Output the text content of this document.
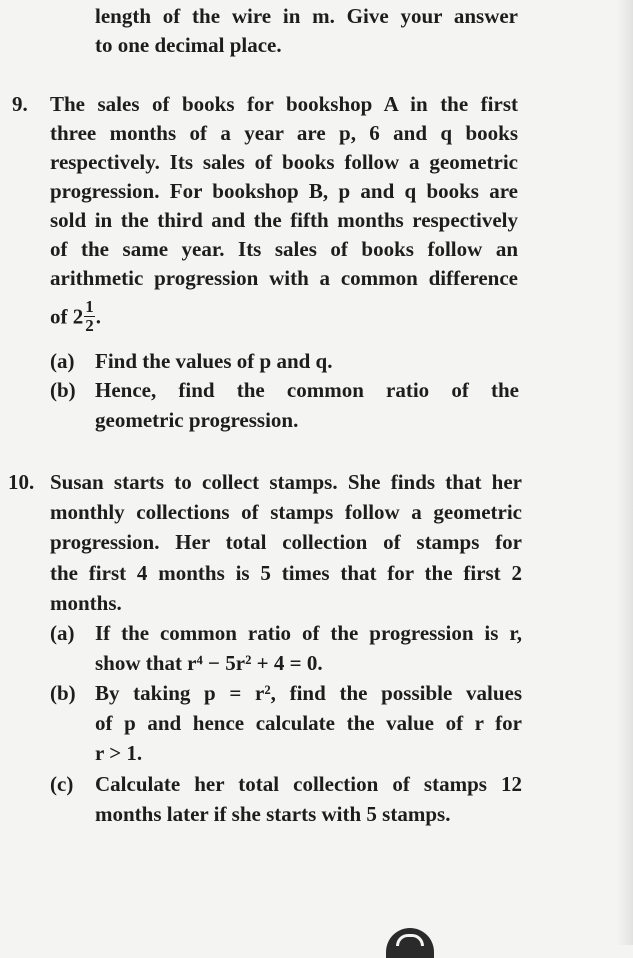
length of the wire in m. Give your answer
to one decimal place.
9. The sales of books for bookshop A in the first
three months of a year are p, 6 and q books
respectively. Its sales of books follow a geometric
progression. For bookshop B, p and q books are
sold in the third and the fifth months respectively
of the same year. Its sales of books follow an
arithmetic progression with a common difference
of $2 \frac{1}{2}$ .
(a) Find the values of p and q.
(b) Hence, find the common ratio of the
geometric progression.
10. Susan starts to collect stamps. She finds that her
monthly collections of stamps follow a geometric
progression. Her total collection of stamps for
the first 4 months is 5 times that for the first 2
months.
(a) If the common ratio of the progression is r,
show that r⁴ − 5r² + 4 = 0.
(b) By taking p = r², find the possible values
of p and hence calculate the value of r for
r > 1.
(c) Calculate her total collection of stamps 12
months later if she starts with 5 stamps.
